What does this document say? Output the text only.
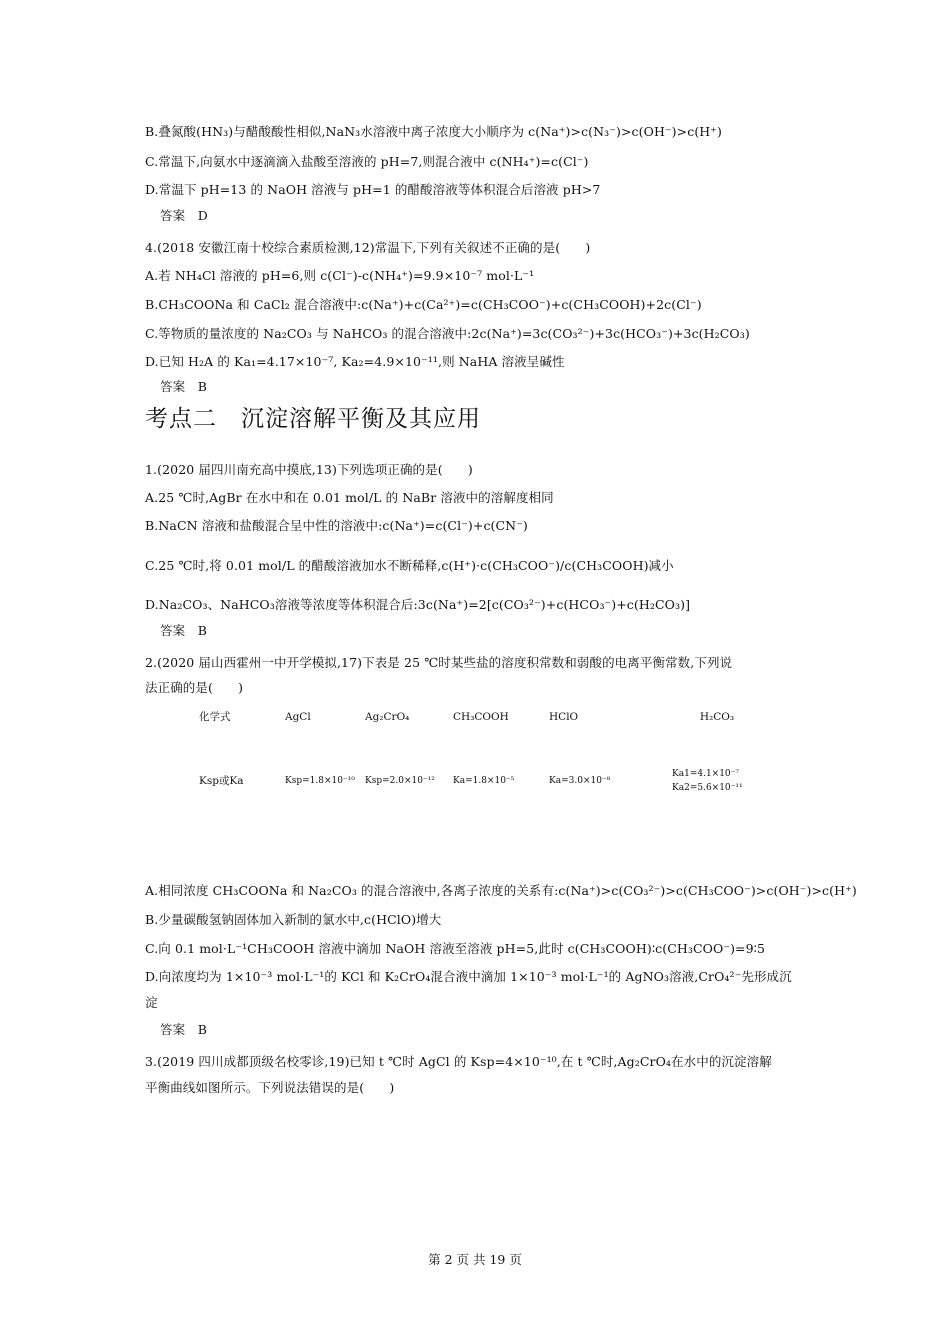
B.叠氮酸(HN₃)与醋酸酸性相似,NaN₃水溶液中离子浓度大小顺序为 c(Na⁺)>c(N₃⁻)>c(OH⁻)>c(H⁺)
C.常温下,向氨水中逐滴滴入盐酸至溶液的 pH=7,则混合液中 c(NH₄⁺)=c(Cl⁻)
D.常温下 pH=13 的 NaOH 溶液与 pH=1 的醋酸溶液等体积混合后溶液 pH>7
答案　D
4.(2018 安徽江南十校综合素质检测,12)常温下,下列有关叙述不正确的是(　　)
A.若 NH₄Cl 溶液的 pH=6,则 c(Cl⁻)-c(NH₄⁺)=9.9×10⁻⁷ mol·L⁻¹
B.CH₃COONa 和 CaCl₂ 混合溶液中:c(Na⁺)+c(Ca²⁺)=c(CH₃COO⁻)+c(CH₃COOH)+2c(Cl⁻)
C.等物质的量浓度的 Na₂CO₃ 与 NaHCO₃ 的混合溶液中:2c(Na⁺)=3c(CO₃²⁻)+3c(HCO₃⁻)+3c(H₂CO₃)
D.已知 H₂A 的 Ka₁=4.17×10⁻⁷, Ka₂=4.9×10⁻¹¹,则 NaHA 溶液呈碱性
答案　B
考点二　沉淀溶解平衡及其应用
1.(2020 届四川南充高中摸底,13)下列选项正确的是(　　)
A.25 ℃时,AgBr 在水中和在 0.01 mol/L 的 NaBr 溶液中的溶解度相同
B.NaCN 溶液和盐酸混合呈中性的溶液中:c(Na⁺)=c(Cl⁻)+c(CN⁻)
C.25 ℃时,将 0.01 mol/L 的醋酸溶液加水不断稀释,c(H⁺)·c(CH₃COO⁻)/c(CH₃COOH)减小
D.Na₂CO₃、NaHCO₃溶液等浓度等体积混合后:3c(Na⁺)=2[c(CO₃²⁻)+c(HCO₃⁻)+c(H₂CO₃)]
答案　B
2.(2020 届山西霍州一中开学模拟,17)下表是 25 ℃时某些盐的溶度积常数和弱酸的电离平衡常数,下列说
法正确的是(　　)
化学式	AgCl	Ag₂CrO₄	CH₃COOH	HClO	H₂CO₃
Ksp或Ka	Ksp=1.8×10⁻¹⁰	Ksp=2.0×10⁻¹²	Ka=1.8×10⁻⁵	Ka=3.0×10⁻⁸	Ka1=4.1×10⁻⁷ Ka2=5.6×10⁻¹¹
A.相同浓度 CH₃COONa 和 Na₂CO₃ 的混合溶液中,各离子浓度的关系有:c(Na⁺)>c(CO₃²⁻)>c(CH₃COO⁻)>c(OH⁻)>c(H⁺)
B.少量碳酸氢钠固体加入新制的氯水中,c(HClO)增大
C.向 0.1 mol·L⁻¹CH₃COOH 溶液中滴加 NaOH 溶液至溶液 pH=5,此时 c(CH₃COOH)∶c(CH₃COO⁻)=9∶5
D.向浓度均为 1×10⁻³ mol·L⁻¹的 KCl 和 K₂CrO₄混合液中滴加 1×10⁻³ mol·L⁻¹的 AgNO₃溶液,CrO₄²⁻先形成沉
淀
答案　B
3.(2019 四川成都顶级名校零诊,19)已知 t ℃时 AgCl 的 Ksp=4×10⁻¹⁰,在 t ℃时,Ag₂CrO₄在水中的沉淀溶解
平衡曲线如图所示。下列说法错误的是(　　)
第 2 页 共 19 页
